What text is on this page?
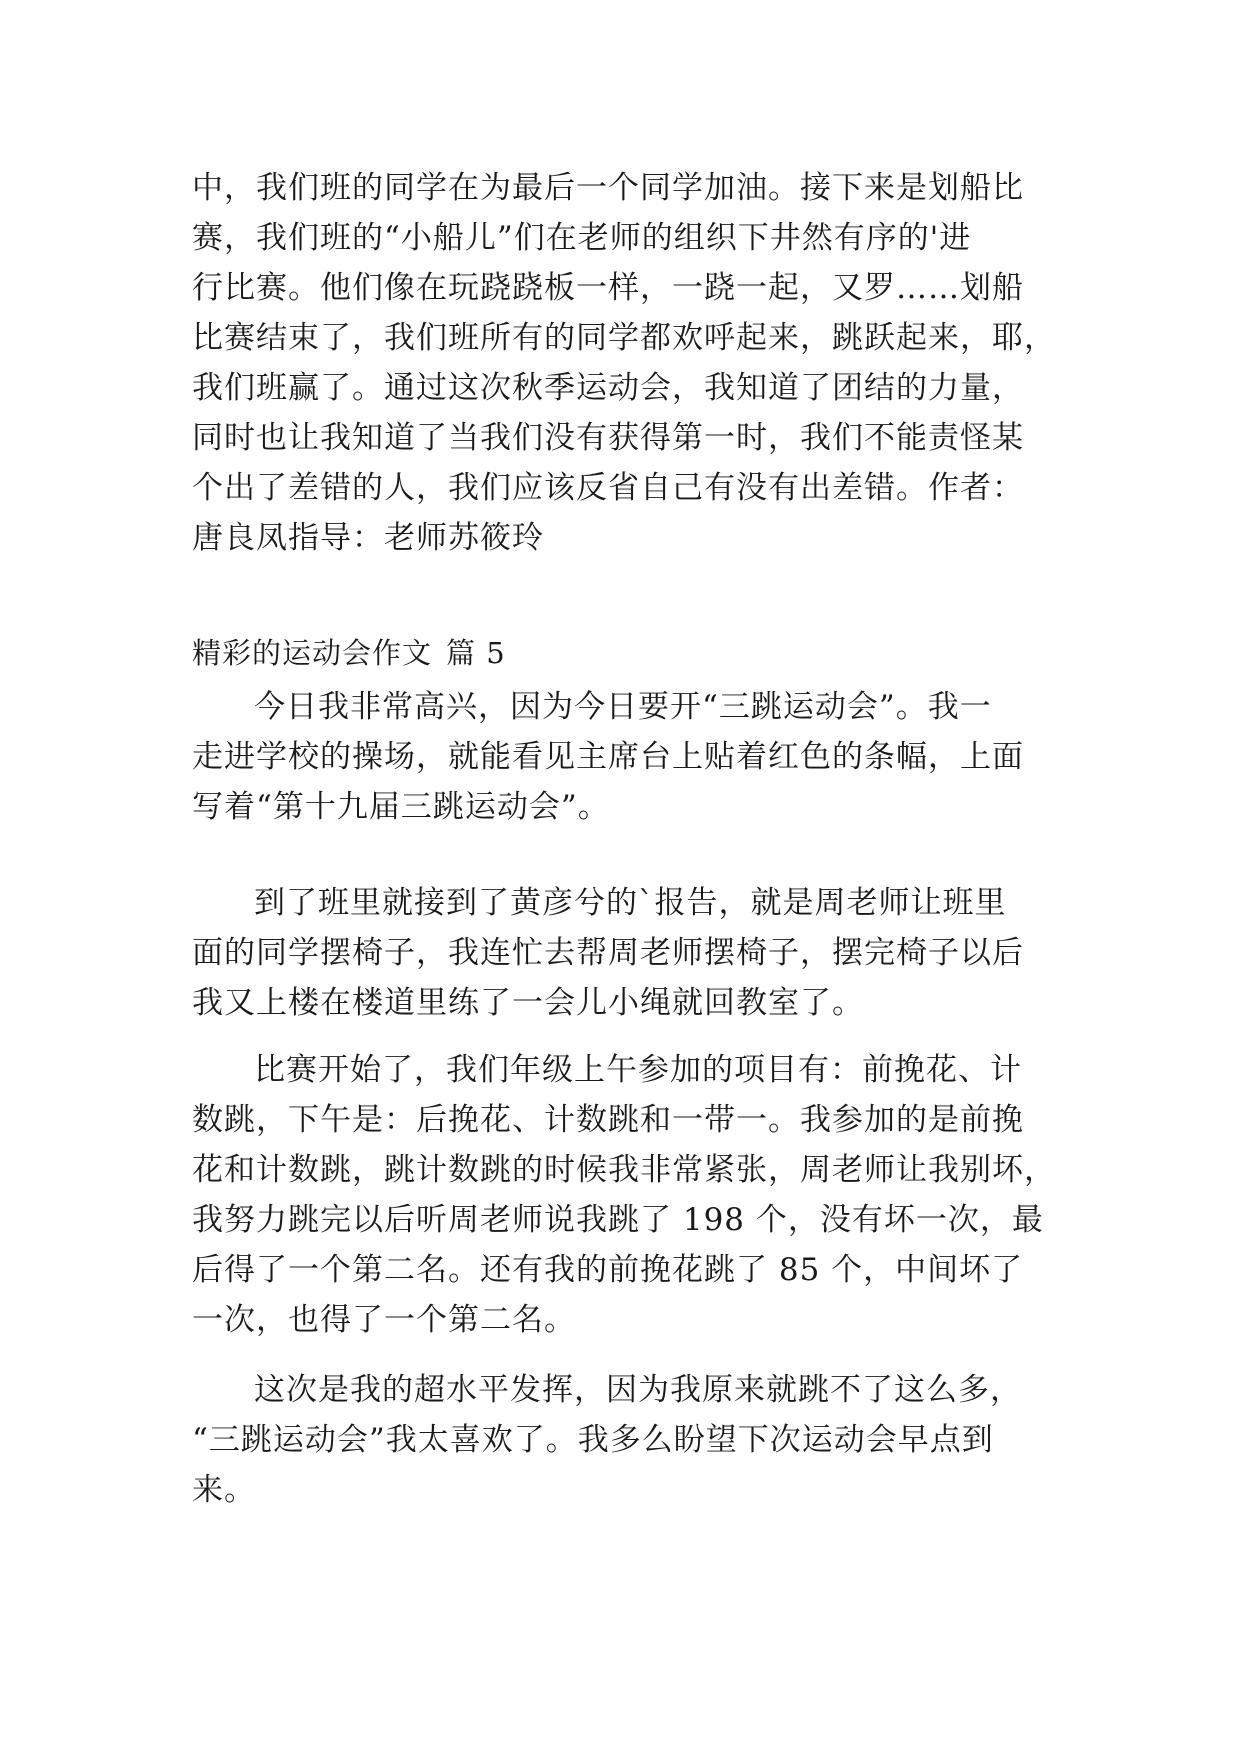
中，我们班的同学在为最后一个同学加油。接下来是划船比
赛，我们班的“小船儿”们在老师的组织下井然有序的'进
行比赛。他们像在玩跷跷板一样，一跷一起，又罗……划船
比赛结束了，我们班所有的同学都欢呼起来，跳跃起来，耶，
我们班赢了。通过这次秋季运动会，我知道了团结的力量，
同时也让我知道了当我们没有获得第一时，我们不能责怪某
个出了差错的人，我们应该反省自己有没有出差错。作者：
唐良凤指导：老师苏筱玲
精彩的运动会作文 篇 5
今日我非常高兴，因为今日要开“三跳运动会”。我一
走进学校的操场，就能看见主席台上贴着红色的条幅，上面
写着“第十九届三跳运动会”。
到了班里就接到了黄彦兮的`报告，就是周老师让班里
面的同学摆椅子，我连忙去帮周老师摆椅子，摆完椅子以后
我又上楼在楼道里练了一会儿小绳就回教室了。
比赛开始了，我们年级上午参加的项目有：前挽花、计
数跳，下午是：后挽花、计数跳和一带一。我参加的是前挽
花和计数跳，跳计数跳的时候我非常紧张，周老师让我别坏，
我努力跳完以后听周老师说我跳了 198 个，没有坏一次，最
后得了一个第二名。还有我的前挽花跳了 85 个，中间坏了
一次，也得了一个第二名。
这次是我的超水平发挥，因为我原来就跳不了这么多，
“三跳运动会”我太喜欢了。我多么盼望下次运动会早点到
来。
